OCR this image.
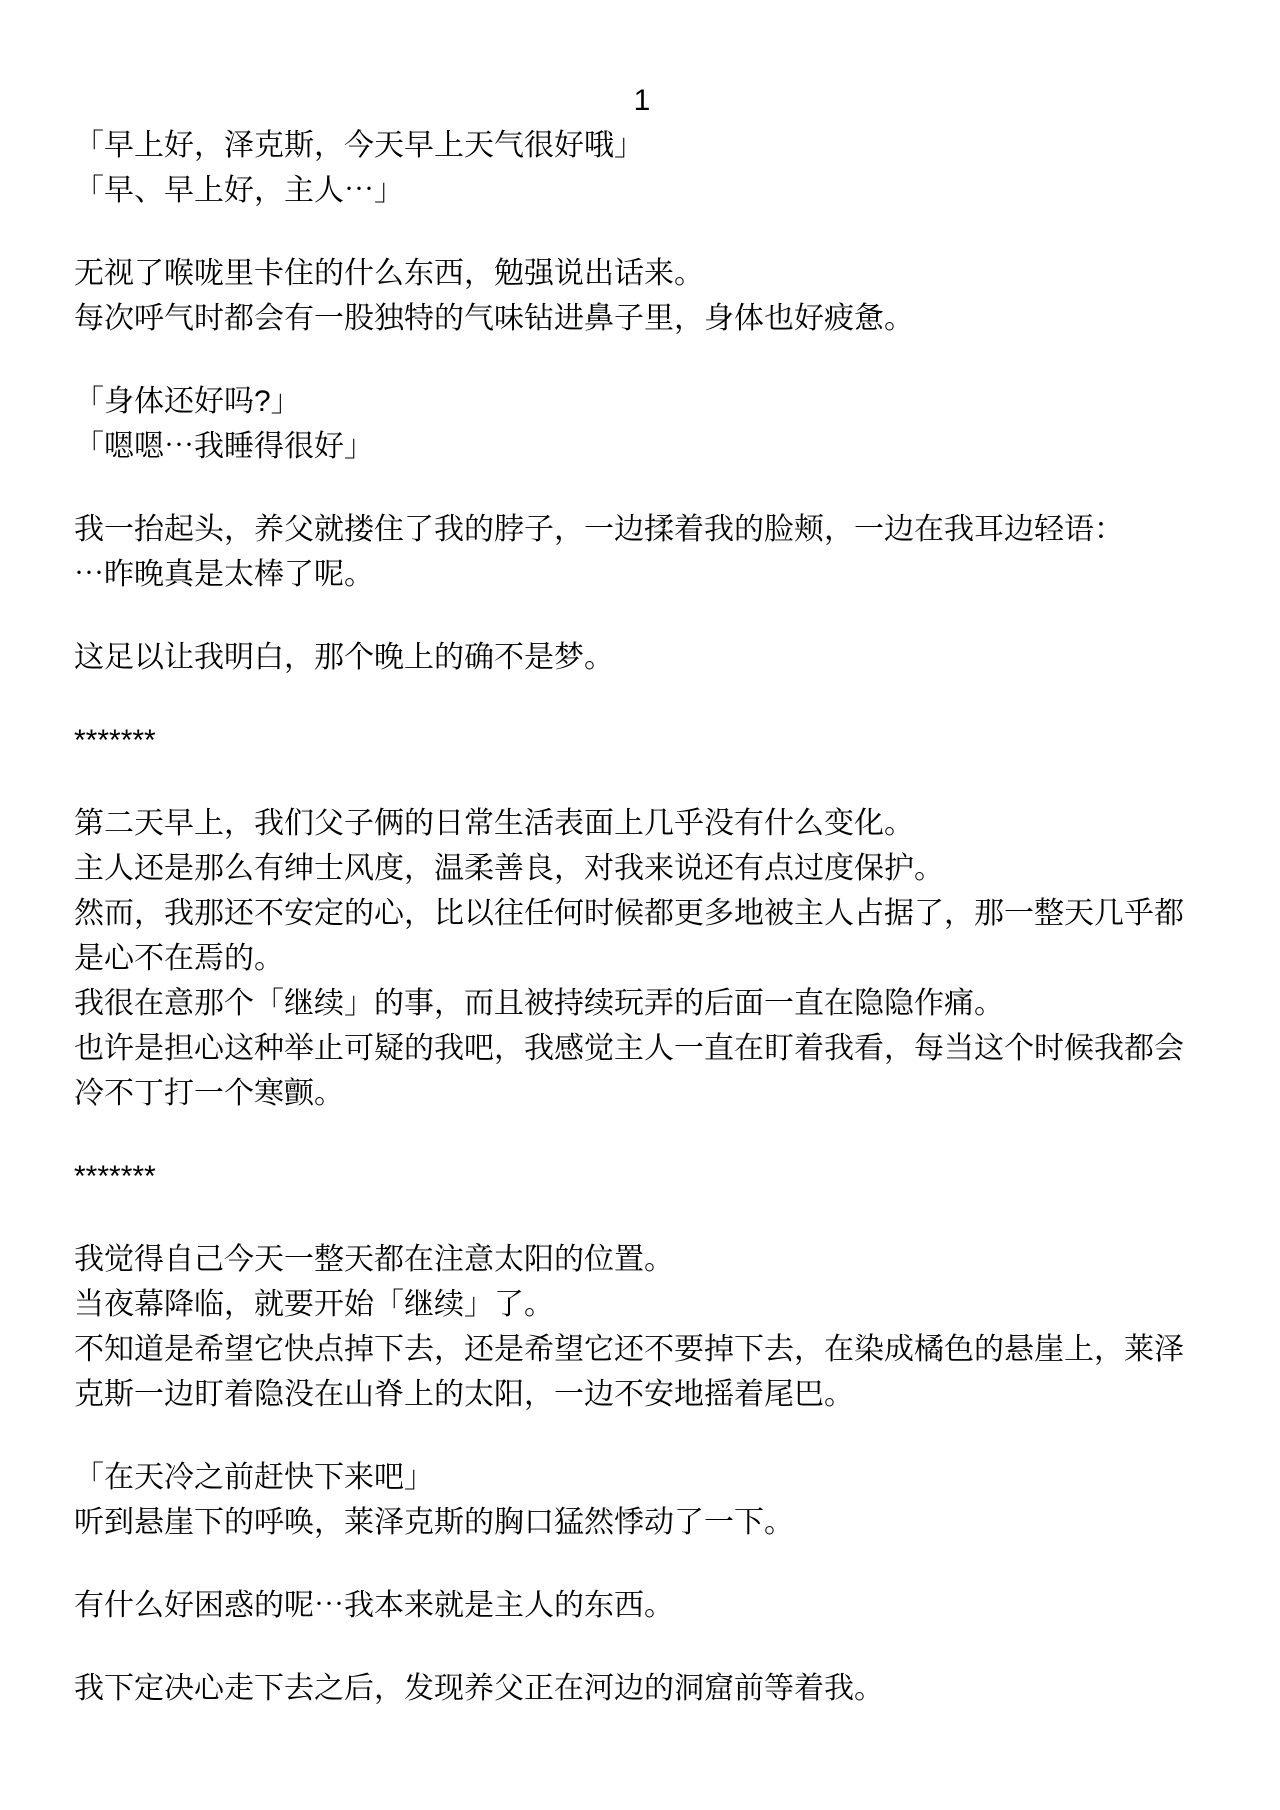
1
「早上好，泽克斯，今天早上天气很好哦」
「早、早上好，主人⋯」
无视了喉咙里卡住的什么东西，勉强说出话来。
每次呼气时都会有一股独特的气味钻进鼻子里，身体也好疲惫。
「身体还好吗?」
「嗯嗯⋯我睡得很好」
我一抬起头，养父就搂住了我的脖子，一边揉着我的脸颊，一边在我耳边轻语：
⋯昨晚真是太棒了呢。
这足以让我明白，那个晚上的确不是梦。
*******
第二天早上，我们父子俩的日常生活表面上几乎没有什么变化。
主人还是那么有绅士风度，温柔善良，对我来说还有点过度保护。
然而，我那还不安定的心，比以往任何时候都更多地被主人占据了，那一整天几乎都
是心不在焉的。
我很在意那个「继续」的事，而且被持续玩弄的后面一直在隐隐作痛。
也许是担心这种举止可疑的我吧，我感觉主人一直在盯着我看，每当这个时候我都会
冷不丁打一个寒颤。
*******
我觉得自己今天一整天都在注意太阳的位置。
当夜幕降临，就要开始「继续」了。
不知道是希望它快点掉下去，还是希望它还不要掉下去，在染成橘色的悬崖上，莱泽
克斯一边盯着隐没在山脊上的太阳，一边不安地摇着尾巴。
「在天冷之前赶快下来吧」
听到悬崖下的呼唤，莱泽克斯的胸口猛然悸动了一下。
有什么好困惑的呢⋯我本来就是主人的东西。
我下定决心走下去之后，发现养父正在河边的洞窟前等着我。
